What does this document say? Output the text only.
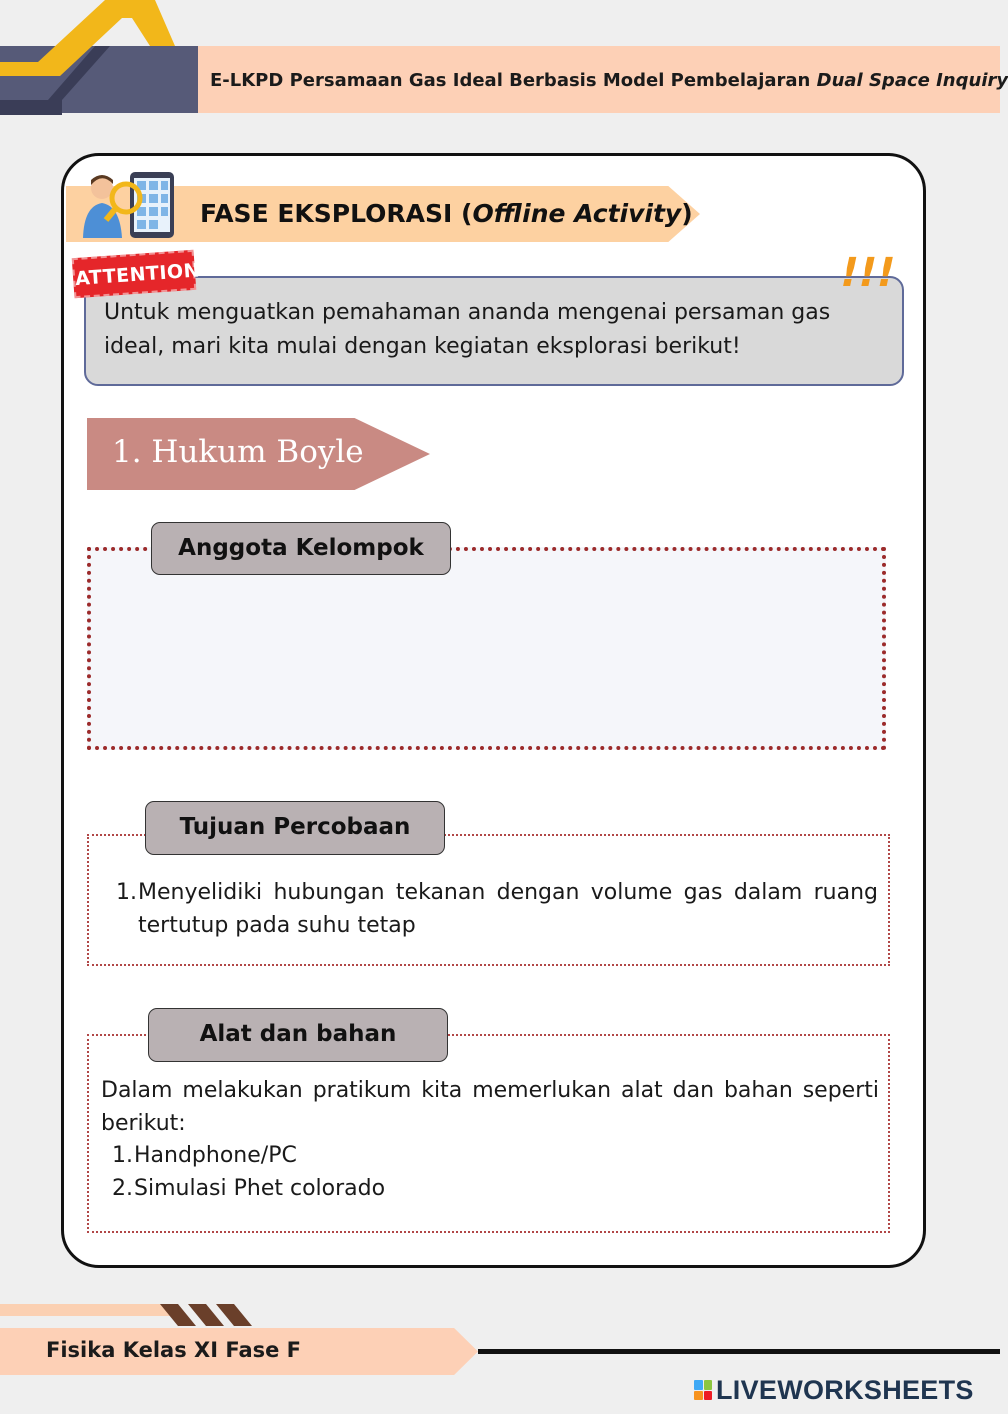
E-LKPD Persamaan Gas Ideal Berbasis Model Pembelajaran Dual Space Inquiry
FASE EKSPLORASI (Offline Activity)
ATTENTION	!!!
Untuk menguatkan pemahaman ananda mengenai persaman gas ideal, mari kita mulai dengan kegiatan eksplorasi berikut!
1. Hukum Boyle
Anggota Kelompok
Tujuan Percobaan
1. Menyelidiki hubungan tekanan dengan volume gas dalam ruang tertutup pada suhu tetap
Alat dan bahan
Dalam melakukan pratikum kita memerlukan alat dan bahan seperti berikut:
1. Handphone/PC
2. Simulasi Phet colorado
Fisika Kelas XI Fase F
LIVEWORKSHEETS
